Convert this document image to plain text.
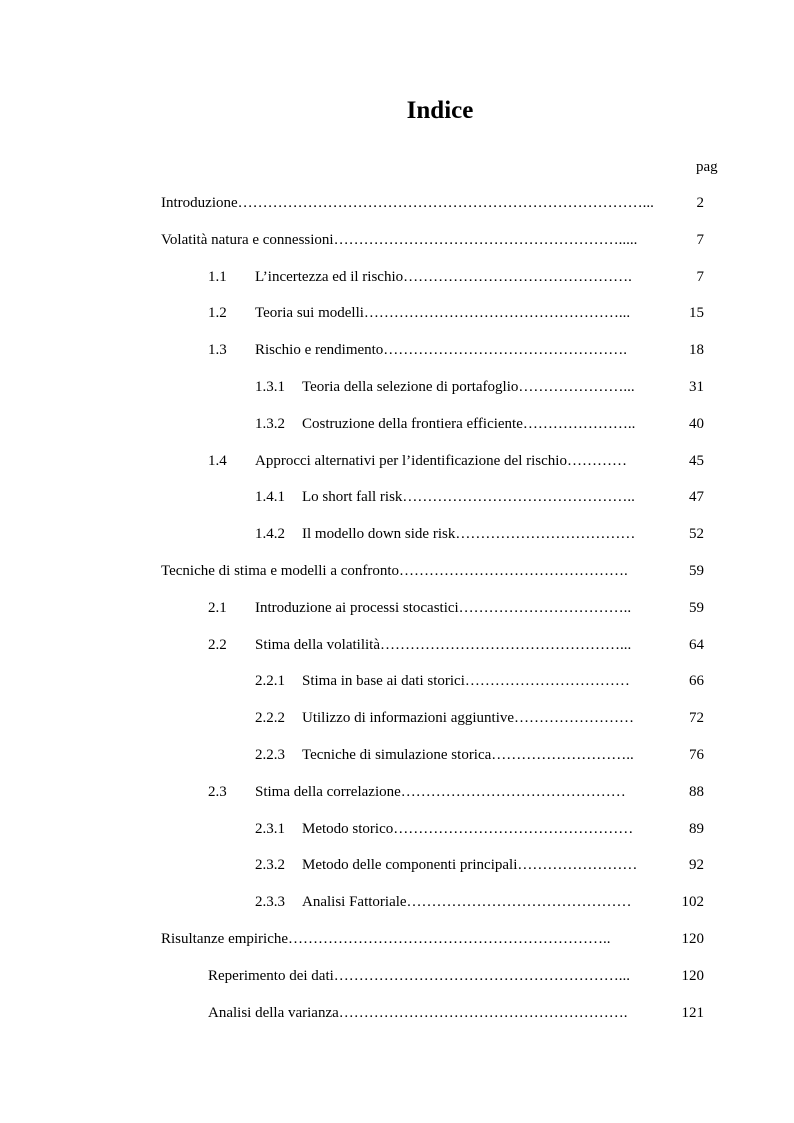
Indice
pag
Introduzione………………………………………………………………………...	2
Volatità natura e connessioni………………………………………………….....	7
1.1 L’incertezza ed il rischio……………………………………….	7
1.2 Teoria sui modelli……………………………………………...	15
1.3 Rischio e rendimento………………………………………….	18
1.3.1 Teoria della selezione di portafoglio…………………...	31
1.3.2 Costruzione della frontiera efficiente…………………..	40
1.4 Approcci alternativi per l’identificazione del rischio…………	45
1.4.1 Lo short fall risk………………………………………..	47
1.4.2 Il modello down side risk………………………………	52
Tecniche di stima e modelli a confronto……………………………………….	59
2.1 Introduzione ai processi stocastici……………………………..	59
2.2 Stima della volatilità…………………………………………...	64
2.2.1 Stima in base ai dati storici……………………………	66
2.2.2 Utilizzo di informazioni aggiuntive……………………	72
2.2.3 Tecniche di simulazione storica………………………..	76
2.3 Stima della correlazione………………………………………	88
2.3.1 Metodo storico…………………………………………	89
2.3.2 Metodo delle componenti principali……………………	92
2.3.3 Analisi Fattoriale………………………………………	102
Risultanze empiriche………………………………………………………..	120
Reperimento dei dati…………………………………………………...	120
Analisi della varianza………………………………………………….	121
